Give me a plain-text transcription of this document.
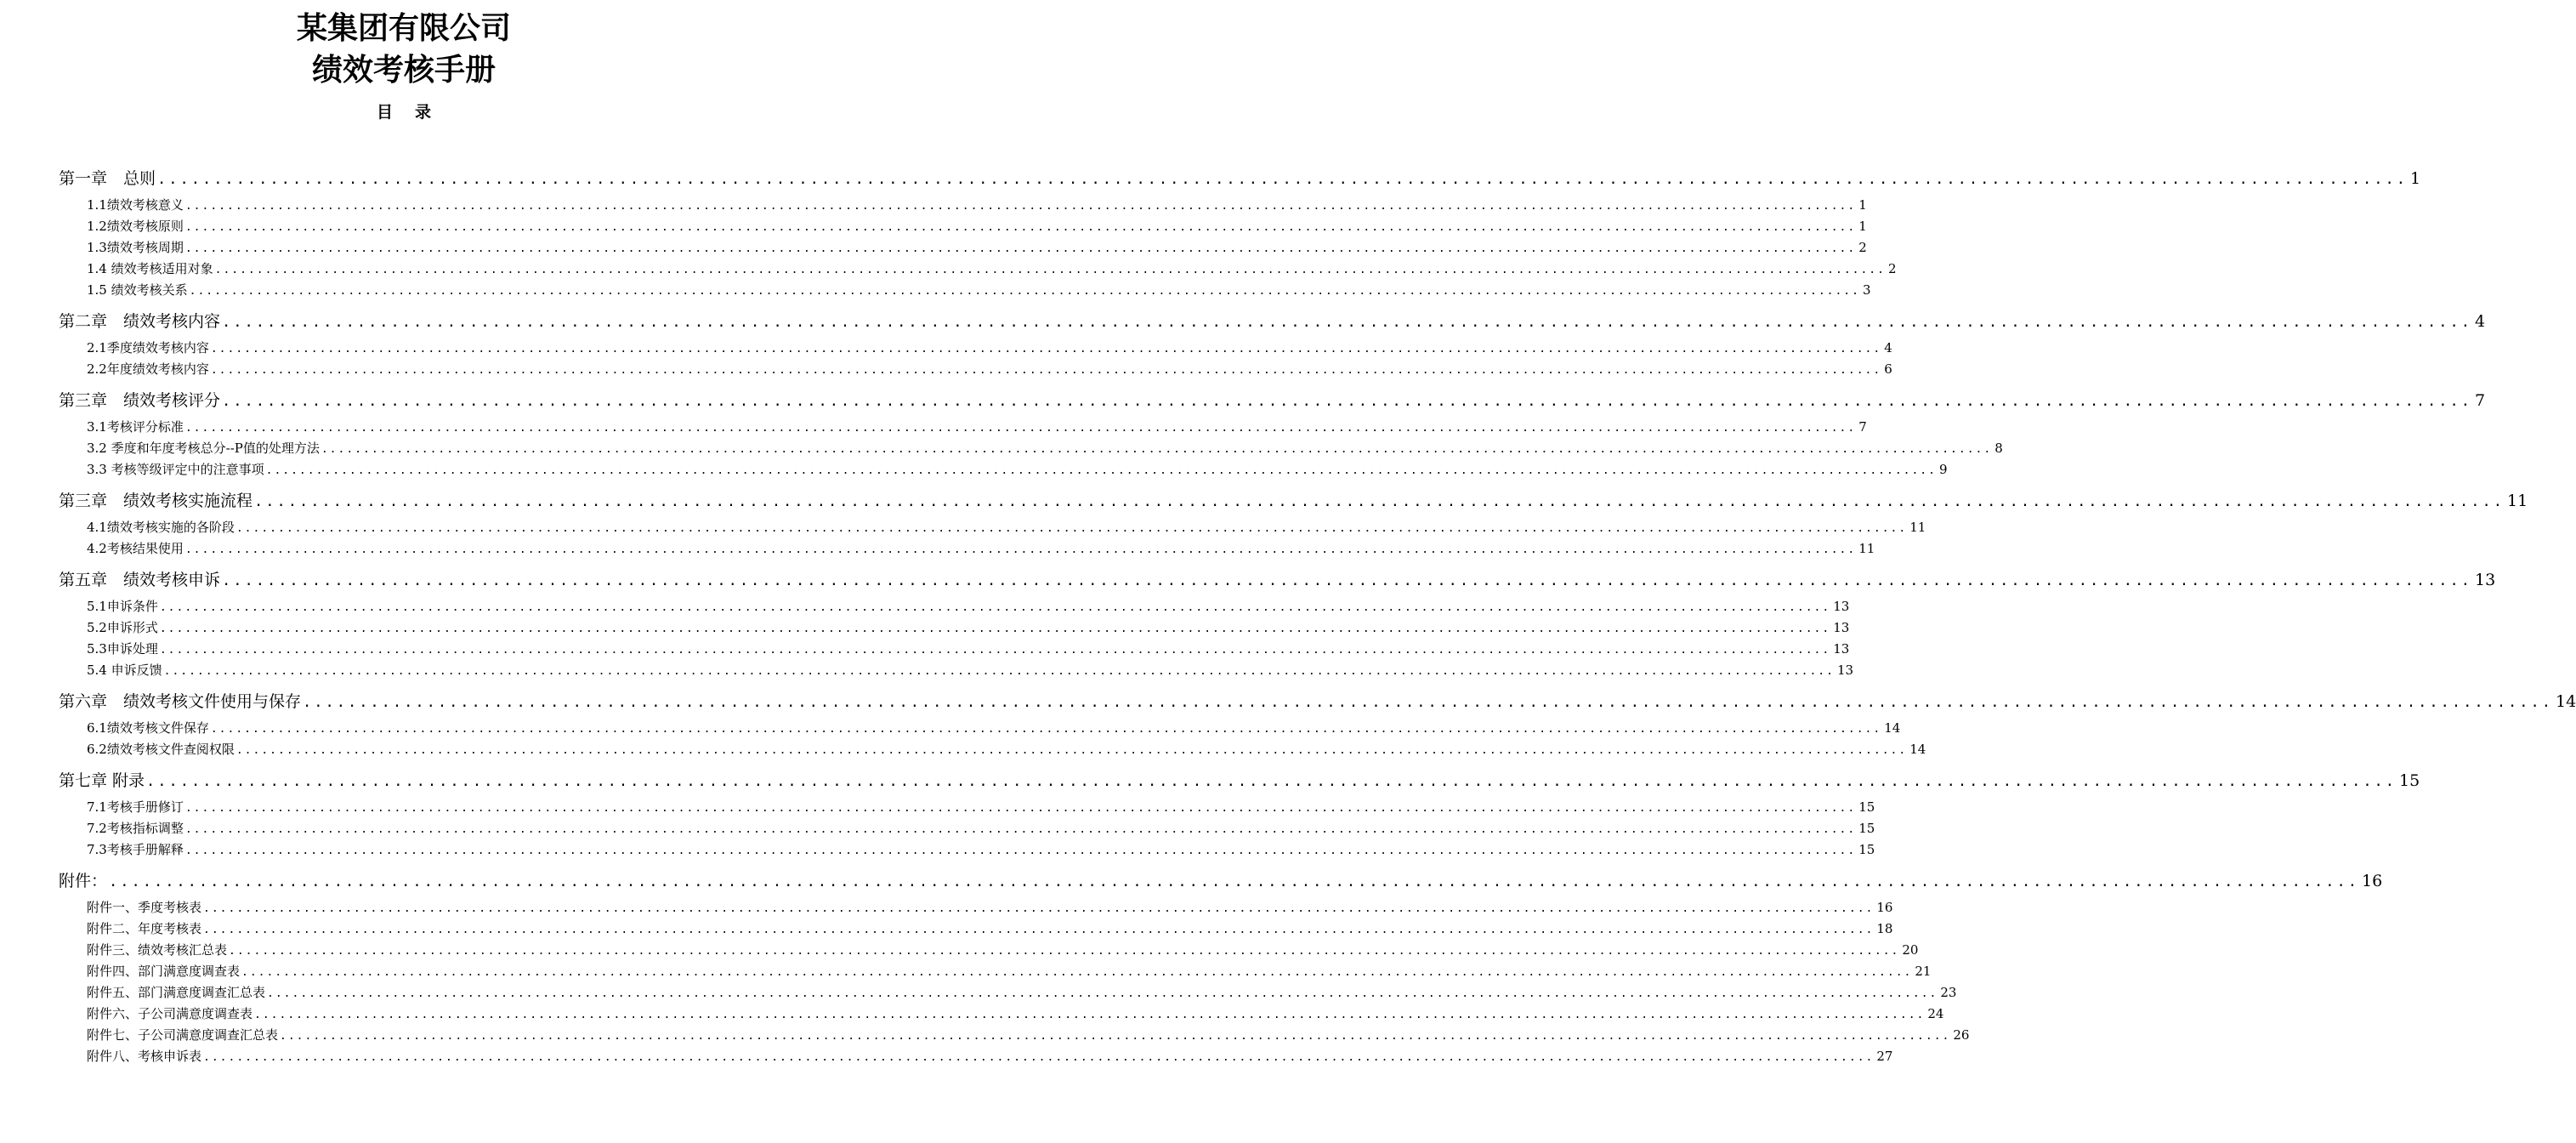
某集团有限公司
绩效考核手册
目录
第一章　总则 ........................................................................................................................................................................................................ 1
1.1绩效考核意义 ........................................................................................................................................................................................................ 1
1.2绩效考核原则 ........................................................................................................................................................................................................ 1
1.3绩效考核周期 ........................................................................................................................................................................................................ 2
1.4 绩效考核适用对象 ........................................................................................................................................................................................................ 2
1.5 绩效考核关系 ........................................................................................................................................................................................................ 3
第二章　绩效考核内容 ........................................................................................................................................................................................................ 4
2.1季度绩效考核内容 ........................................................................................................................................................................................................ 4
2.2年度绩效考核内容 ........................................................................................................................................................................................................ 6
第三章　绩效考核评分 ........................................................................................................................................................................................................ 7
3.1考核评分标准 ........................................................................................................................................................................................................ 7
3.2 季度和年度考核总分--P值的处理方法 ........................................................................................................................................................................................................ 8
3.3 考核等级评定中的注意事项 ........................................................................................................................................................................................................ 9
第三章　绩效考核实施流程 ........................................................................................................................................................................................................ 11
4.1绩效考核实施的各阶段 ........................................................................................................................................................................................................ 11
4.2考核结果使用 ........................................................................................................................................................................................................ 11
第五章　绩效考核申诉 ........................................................................................................................................................................................................ 13
5.1申诉条件 ........................................................................................................................................................................................................ 13
5.2申诉形式 ........................................................................................................................................................................................................ 13
5.3申诉处理 ........................................................................................................................................................................................................ 13
5.4 申诉反馈 ........................................................................................................................................................................................................ 13
第六章　绩效考核文件使用与保存 ........................................................................................................................................................................................................ 14
6.1绩效考核文件保存 ........................................................................................................................................................................................................ 14
6.2绩效考核文件查阅权限 ........................................................................................................................................................................................................ 14
第七章 附录 ........................................................................................................................................................................................................ 15
7.1考核手册修订 ........................................................................................................................................................................................................ 15
7.2考核指标调整 ........................................................................................................................................................................................................ 15
7.3考核手册解释 ........................................................................................................................................................................................................ 15
附件： ........................................................................................................................................................................................................ 16
附件一、季度考核表 ........................................................................................................................................................................................................ 16
附件二、年度考核表 ........................................................................................................................................................................................................ 18
附件三、绩效考核汇总表 ........................................................................................................................................................................................................ 20
附件四、部门满意度调查表 ........................................................................................................................................................................................................ 21
附件五、部门满意度调查汇总表 ........................................................................................................................................................................................................ 23
附件六、子公司满意度调查表 ........................................................................................................................................................................................................ 24
附件七、子公司满意度调查汇总表 ........................................................................................................................................................................................................ 26
附件八、考核申诉表 ........................................................................................................................................................................................................ 27
